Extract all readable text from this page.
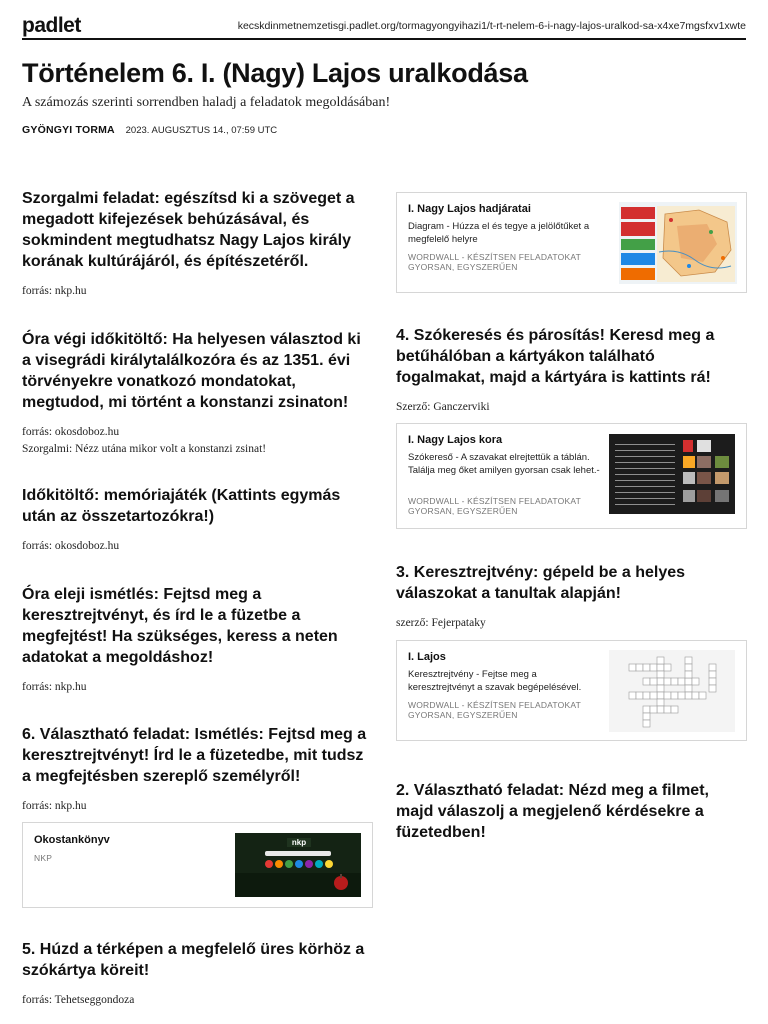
padlet	kecskdinmetnemzetisgi.padlet.org/tormagyongyihazi1/t-rt-nelem-6-i-nagy-lajos-uralkod-sa-x4xe7mgsfxv1xwte
Történelem 6. I. (Nagy) Lajos uralkodása
A számozás szerinti sorrendben haladj a feladatok megoldásában!
GYÖNGYI TORMA 2023. AUGUSZTUS 14., 07:59 UTC
Szorgalmi feladat: egészítsd ki a szöveget a megadott kifejezések behúzásával, és sokmindent megtudhatsz Nagy Lajos király korának kultúrájáról, és építészetéről.
forrás: nkp.hu
Óra végi időkitöltő: Ha helyesen választod ki a visegrádi királytalálkozóra és az 1351. évi törvényekre vonatkozó mondatokat, megtudod, mi történt a konstanzi zsinaton!
forrás: okosdoboz.hu
Szorgalmi: Nézz utána mikor volt a konstanzi zsinat!
Időkitöltő: memóriajáték (Kattints egymás után az összetartozókra!)
forrás: okosdoboz.hu
Óra eleji ismétlés: Fejtsd meg a keresztrejtvényt, és írd le a füzetbe a megfejtést! Ha szükséges, keress a neten adatokat a megoldáshoz!
forrás: nkp.hu
6. Választható feladat: Ismétlés: Fejtsd meg a keresztrejtvényt! Írd le a füzetedbe, mit tudsz a megfejtésben szereplő személyről!
forrás: nkp.hu
Okostankönyv
NKP
nkp
5. Húzd a térképen a megfelelő üres körhöz a szókártya köreit!
forrás: Tehetseggondoza
I. Nagy Lajos hadjáratai
Diagram - Húzza el és tegye a jelölőtűket a megfelelő helyre
WORDWALL - KÉSZÍTSEN FELADATOKAT
GYORSAN, EGYSZERŰEN
4. Szókeresés és párosítás! Keresd meg a betűhálóban a kártyákon található fogalmakat, majd a kártyára is kattints rá!
Szerző: Ganczerviki
I. Nagy Lajos kora
Szókereső - A szavakat elrejtettük a táblán. Találja meg őket amilyen gyorsan csak lehet.-
WORDWALL - KÉSZÍTSEN FELADATOKAT
GYORSAN, EGYSZERŰEN
3. Keresztrejtvény: gépeld be a helyes válaszokat a tanultak alapján!
szerző: Fejerpataky
I. Lajos
Keresztrejtvény - Fejtse meg a keresztrejtvényt a szavak begépelésével.
WORDWALL - KÉSZÍTSEN FELADATOKAT
GYORSAN, EGYSZERŰEN
2. Választható feladat: Nézd meg a filmet, majd válaszolj a megjelenő kérdésekre a füzetedben!
